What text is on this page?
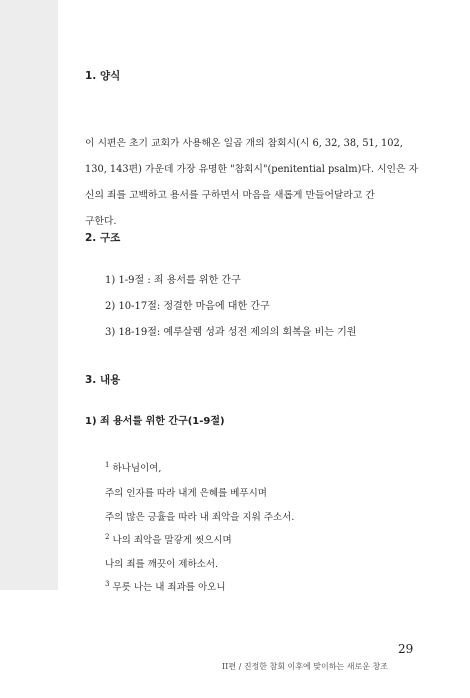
1. 양식
이 시편은 초기 교회가 사용해온 일곱 개의 참회시(시 6, 32, 38, 51, 102,
130, 143편) 가운데 가장 유명한 "참회시"(penitential psalm)다. 시인은 자
신의 죄를 고백하고 용서를 구하면서 마음을 새롭게 만들어달라고 간
구한다.
2. 구조
1) 1-9절 : 죄 용서를 위한 간구
2) 10-17절: 정결한 마음에 대한 간구
3) 18-19절: 예루살렘 성과 성전 제의의 회복을 비는 기원
3. 내용
1) 죄 용서를 위한 간구(1-9절)
$^1$ 하나님이여,
주의 인자를 따라 내게 은혜를 베푸시며
주의 많은 긍휼을 따라 내 죄악을 지워 주소서.
$^2$ 나의 죄악을 말갛게 씻으시며
나의 죄를 깨끗이 제하소서.
$^3$ 무릇 나는 내 죄과를 아오니
29
II편 / 진정한 참회 이후에 맞이하는 새로운 창조
